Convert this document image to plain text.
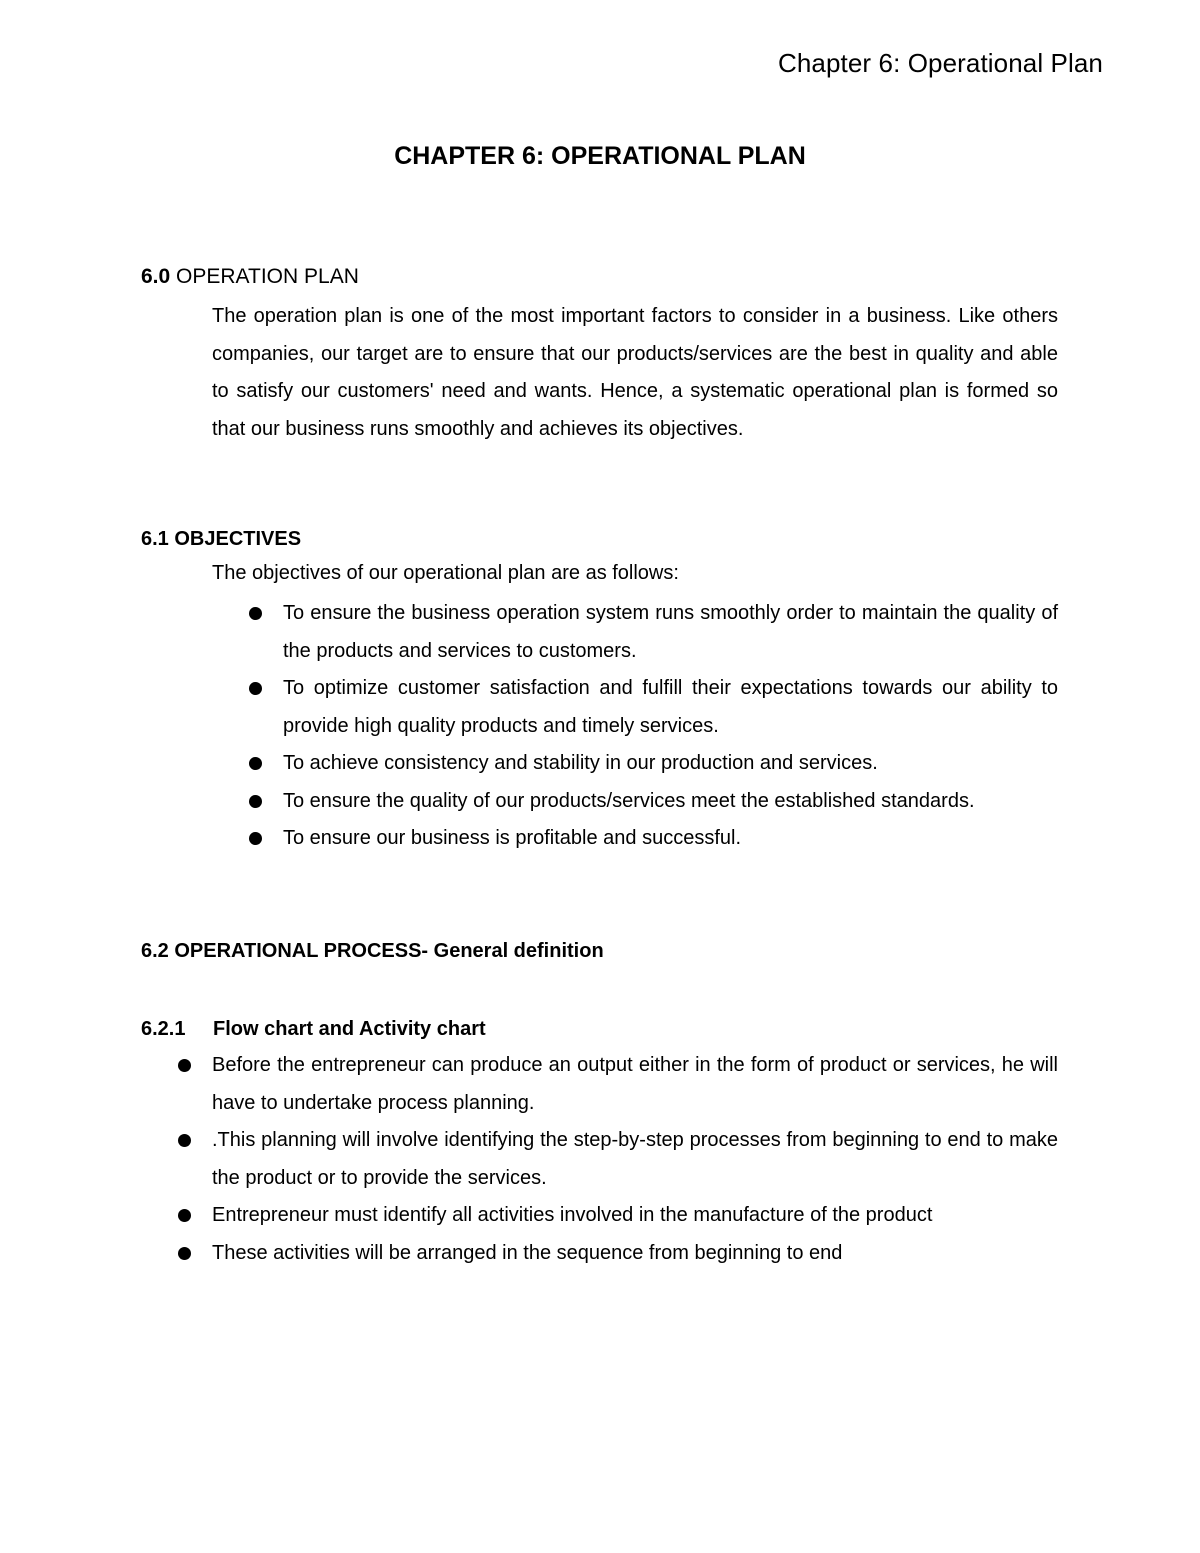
Chapter 6: Operational Plan
CHAPTER 6: OPERATIONAL PLAN
6.0 OPERATION PLAN
The operation plan is one of the most important factors to consider in a business. Like others companies, our target are to ensure that our products/services are the best in quality and able to satisfy our customers' need and wants. Hence, a systematic operational plan is formed so that our business runs smoothly and achieves its objectives.
6.1 OBJECTIVES
The objectives of our operational plan are as follows:
To ensure the business operation system runs smoothly order to maintain the quality of the products and services to customers.
To optimize customer satisfaction and fulfill their expectations towards our ability to provide high quality products and timely services.
To achieve consistency and stability in our production and services.
To ensure the quality of our products/services meet the established standards.
To ensure our business is profitable and successful.
6.2 OPERATIONAL PROCESS- General definition
6.2.1 Flow chart and Activity chart
Before the entrepreneur can produce an output either in the form of product or services, he will have to undertake process planning.
.This planning will involve identifying the step-by-step processes from beginning to end to make the product or to provide the services.
Entrepreneur must identify all activities involved in the manufacture of the product
These activities will be arranged in the sequence from beginning to end
